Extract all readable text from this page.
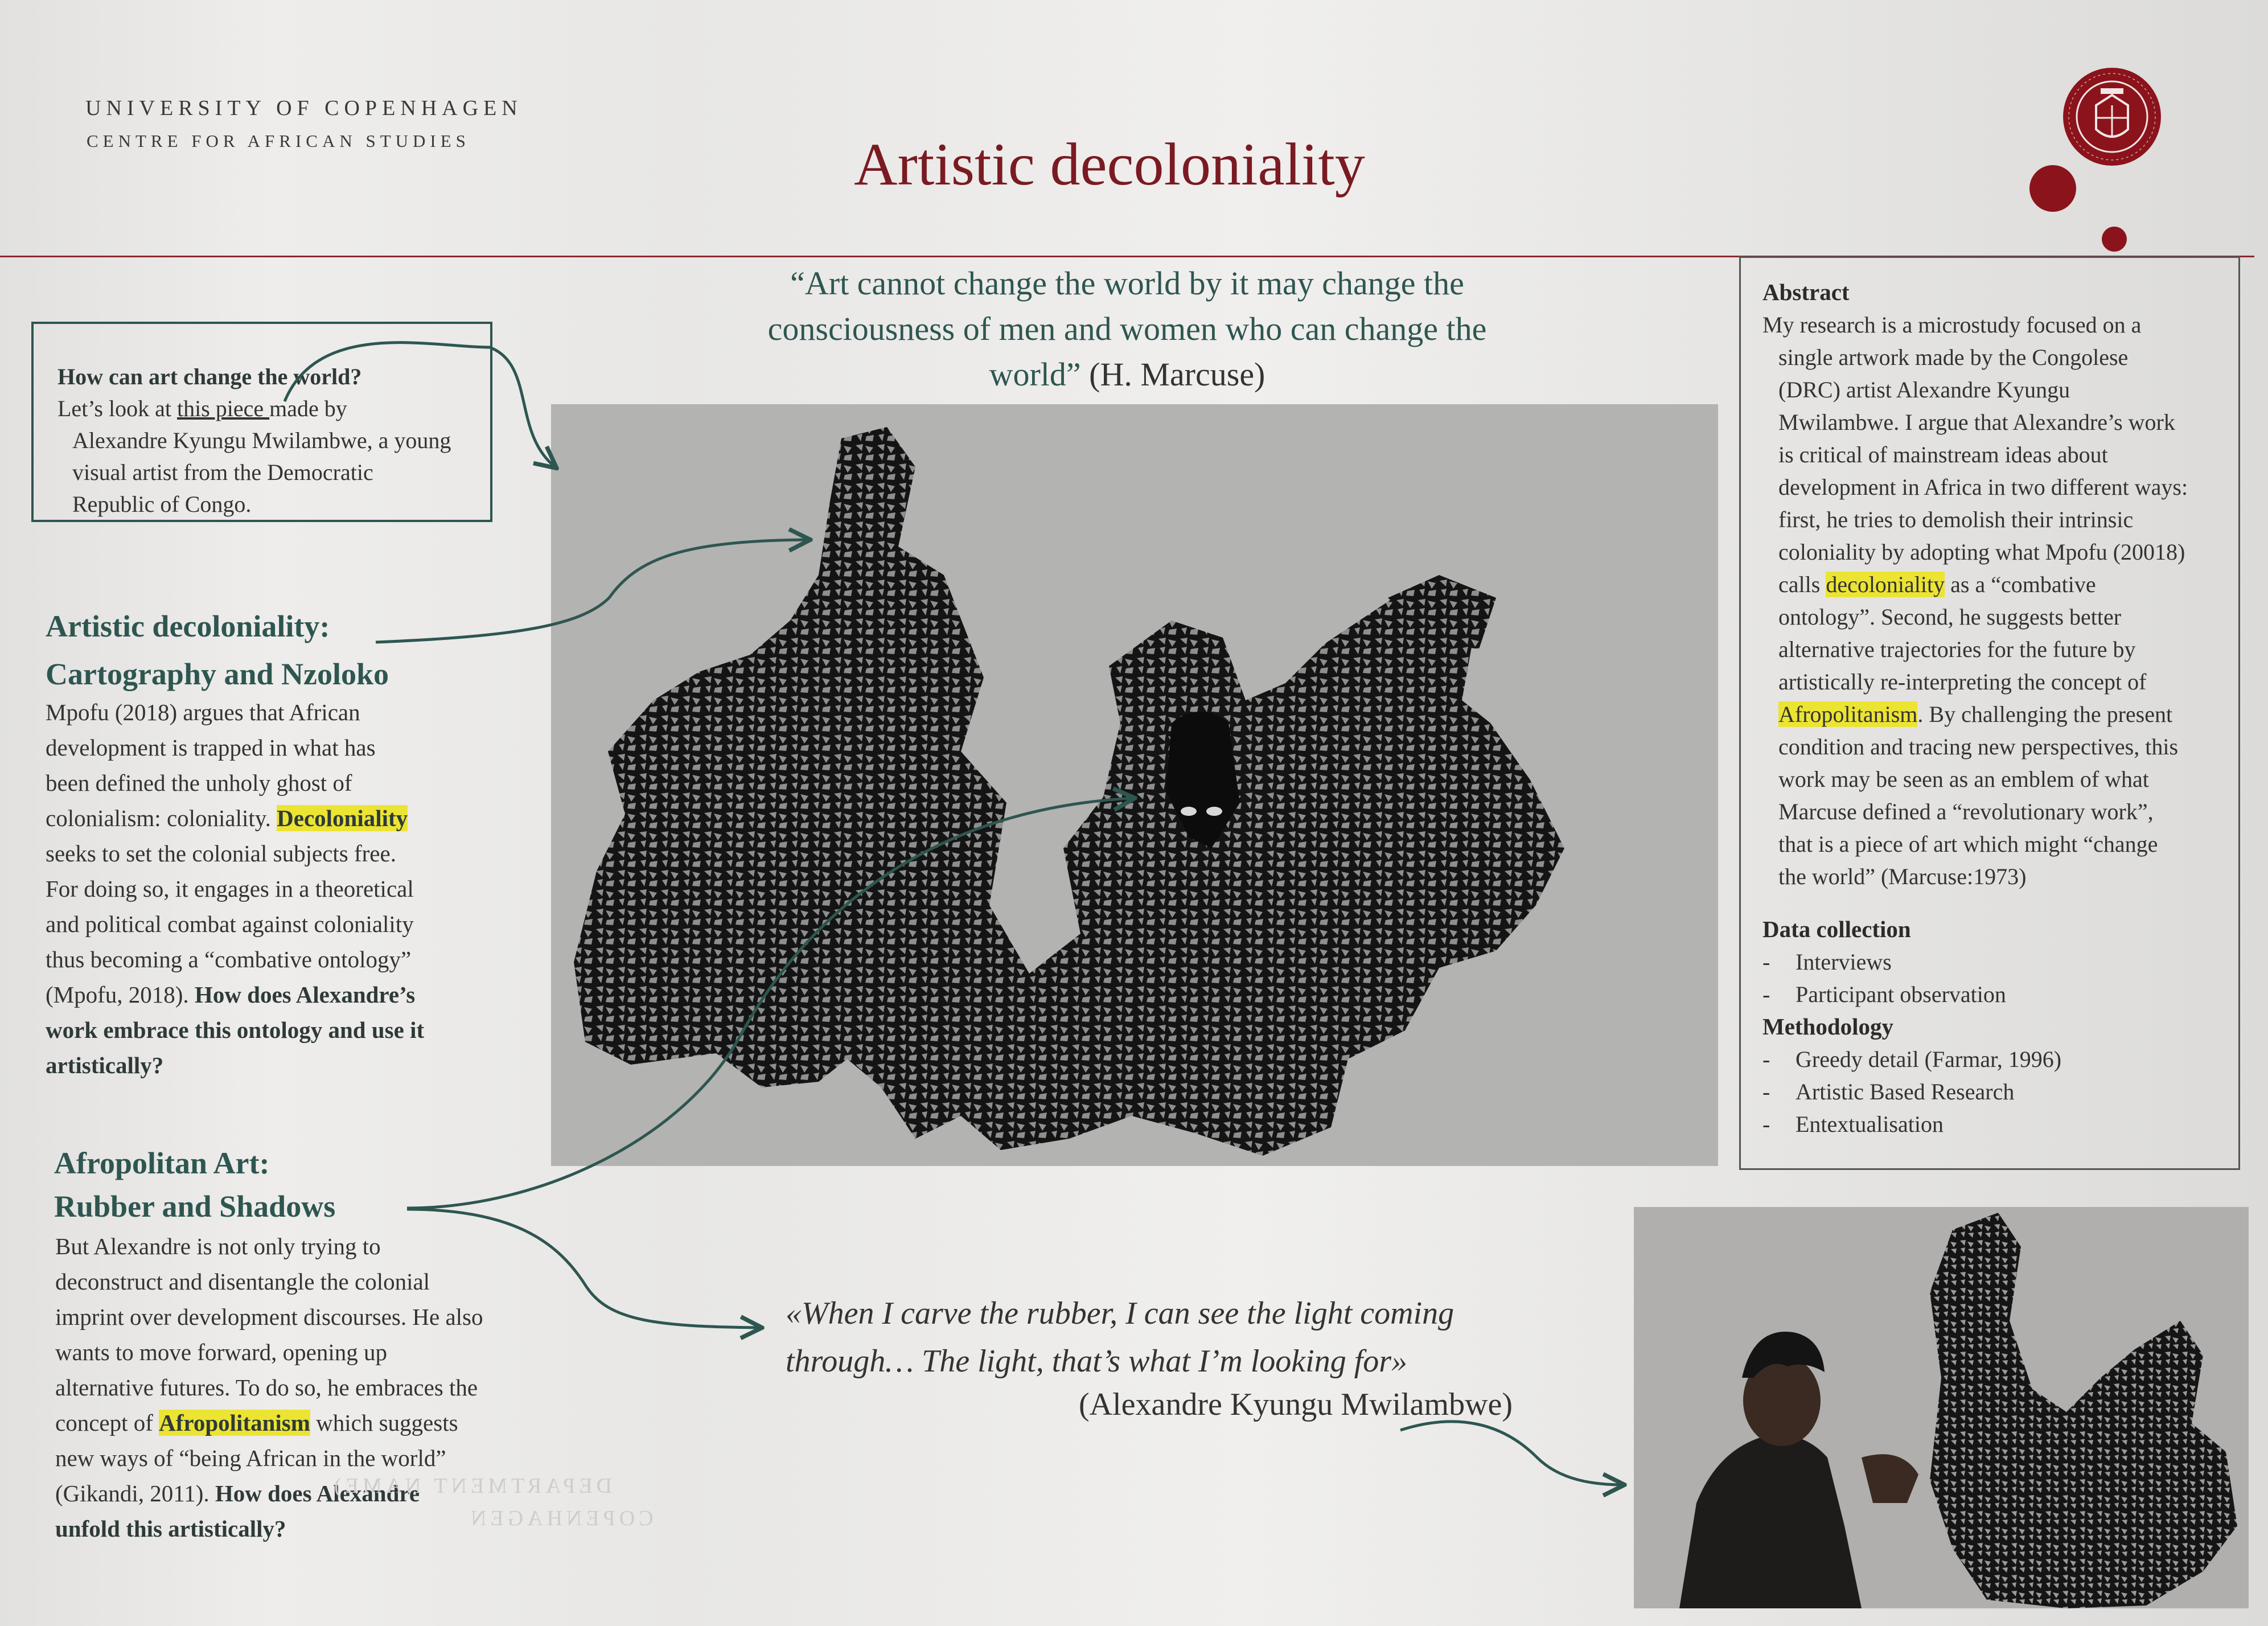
UNIVERSITY OF COPENHAGEN
CENTRE FOR AFRICAN STUDIES	Artistic decoloniality
“Art cannot change the world by it may change the
consciousness of men and women who can change the
world” (H. Marcuse)
How can art change the world?
Let’s look at this piece made by
Alexandre Kyungu Mwilambwe, a young
visual artist from the Democratic
Republic of Congo.
Artistic decoloniality:
Cartography and Nzoloko
Mpofu (2018) argues that African
development is trapped in what has
been defined the unholy ghost of
colonialism: coloniality. Decoloniality
seeks to set the colonial subjects free.
For doing so, it engages in a theoretical
and political combat against coloniality
thus becoming a “combative ontology”
(Mpofu, 2018). How does Alexandre’s
work embrace this ontology and use it
artistically?
Afropolitan Art:
Rubber and Shadows
But Alexandre is not only trying to
deconstruct and disentangle the colonial
imprint over development discourses. He also
wants to move forward, opening up
alternative futures. To do so, he embraces the
concept of Afropolitanism which suggests
new ways of “being African in the world”
(Gikandi, 2011). How does Alexandre
unfold this artistically?
Abstract
My research is a microstudy focused on a
single artwork made by the Congolese
(DRC) artist Alexandre Kyungu
Mwilambwe. I argue that Alexandre’s work
is critical of mainstream ideas about
development in Africa in two different ways:
first, he tries to demolish their intrinsic
coloniality by adopting what Mpofu (20018)
calls decoloniality as a “combative
ontology”. Second, he suggests better
alternative trajectories for the future by
artistically re-interpreting the concept of
Afropolitanism. By challenging the present
condition and tracing new perspectives, this
work may be seen as an emblem of what
Marcuse defined a “revolutionary work”,
that is a piece of art which might “change
the world” (Marcuse:1973)
Data collection
- Interviews
- Participant observation
Methodology
- Greedy detail (Farmar, 1996)
- Artistic Based Research
- Entextualisation
«When I carve the rubber, I can see the light coming
through… The light, that’s what I’m looking for»
(Alexandre Kyungu Mwilambwe)
DEPARTMENT NAME)
COPENHAGEN
